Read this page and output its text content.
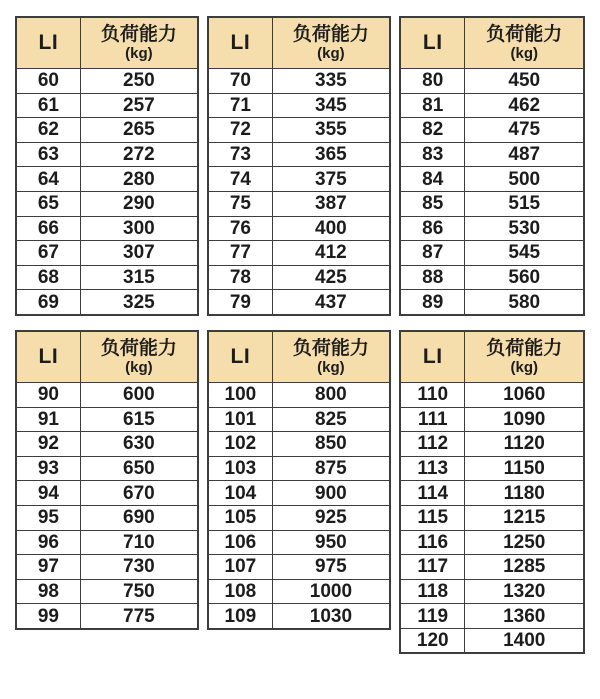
LI	负荷能力
(kg)

60	250
61	257
62	265
63	272
64	280
65	290
66	300
67	307
68	315
69	325
LI	负荷能力
(kg)

70	335
71	345
72	355
73	365
74	375
75	387
76	400
77	412
78	425
79	437
LI	负荷能力
(kg)

80	450
81	462
82	475
83	487
84	500
85	515
86	530
87	545
88	560
89	580
LI	负荷能力
(kg)

90	600
91	615
92	630
93	650
94	670
95	690
96	710
97	730
98	750
99	775
LI	负荷能力
(kg)

100	800
101	825
102	850
103	875
104	900
105	925
106	950
107	975
108	1000
109	1030
LI	负荷能力
(kg)

110	1060
111	1090
112	1120
113	1150
114	1180
115	1215
116	1250
117	1285
118	1320
119	1360
120	1400
